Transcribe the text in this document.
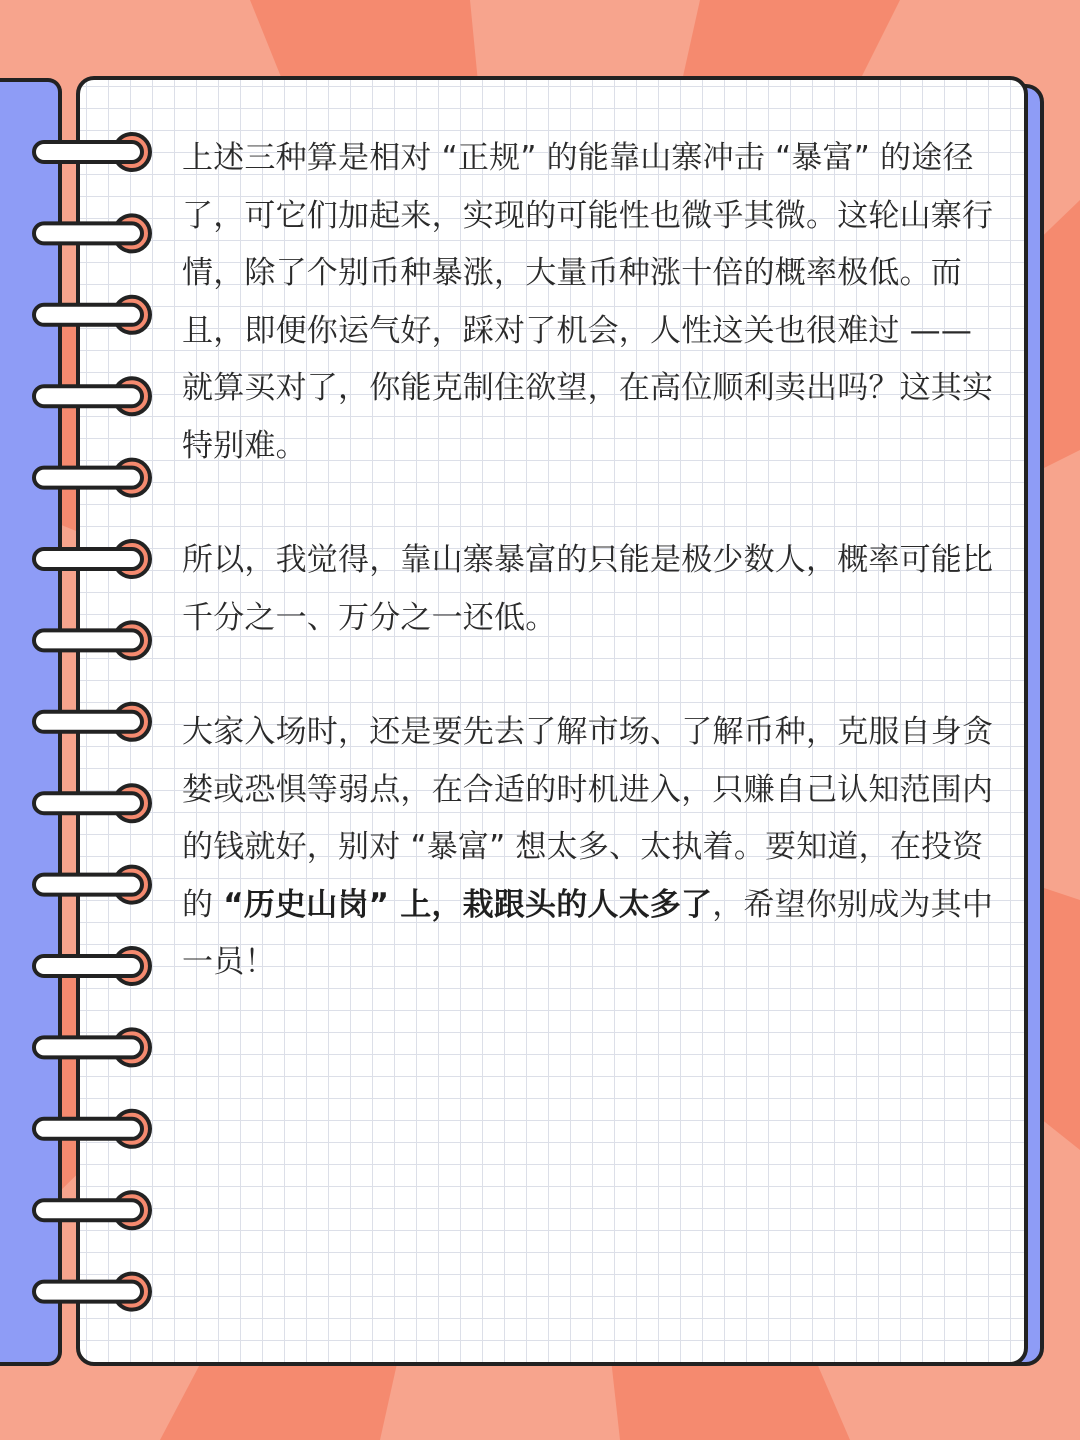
上述三种算是相对 “正规” 的能靠山寨冲击 “暴富” 的途径了，可它们加起来，实现的可能性也微乎其微。这轮山寨行情，除了个别币种暴涨，大量币种涨十倍的概率极低。而且，即便你运气好，踩对了机会，人性这关也很难过 —— 就算买对了，你能克制住欲望，在高位顺利卖出吗？这其实特别难。

所以，我觉得，靠山寨暴富的只能是极少数人，概率可能比千分之一、万分之一还低。

大家入场时，还是要先去了解市场、了解币种，克服自身贪婪或恐惧等弱点，在合适的时机进入，只赚自己认知范围内的钱就好，别对 “暴富” 想太多、太执着。要知道，在投资的 “历史山岗” 上，栽跟头的人太多了，希望你别成为其中一员！
